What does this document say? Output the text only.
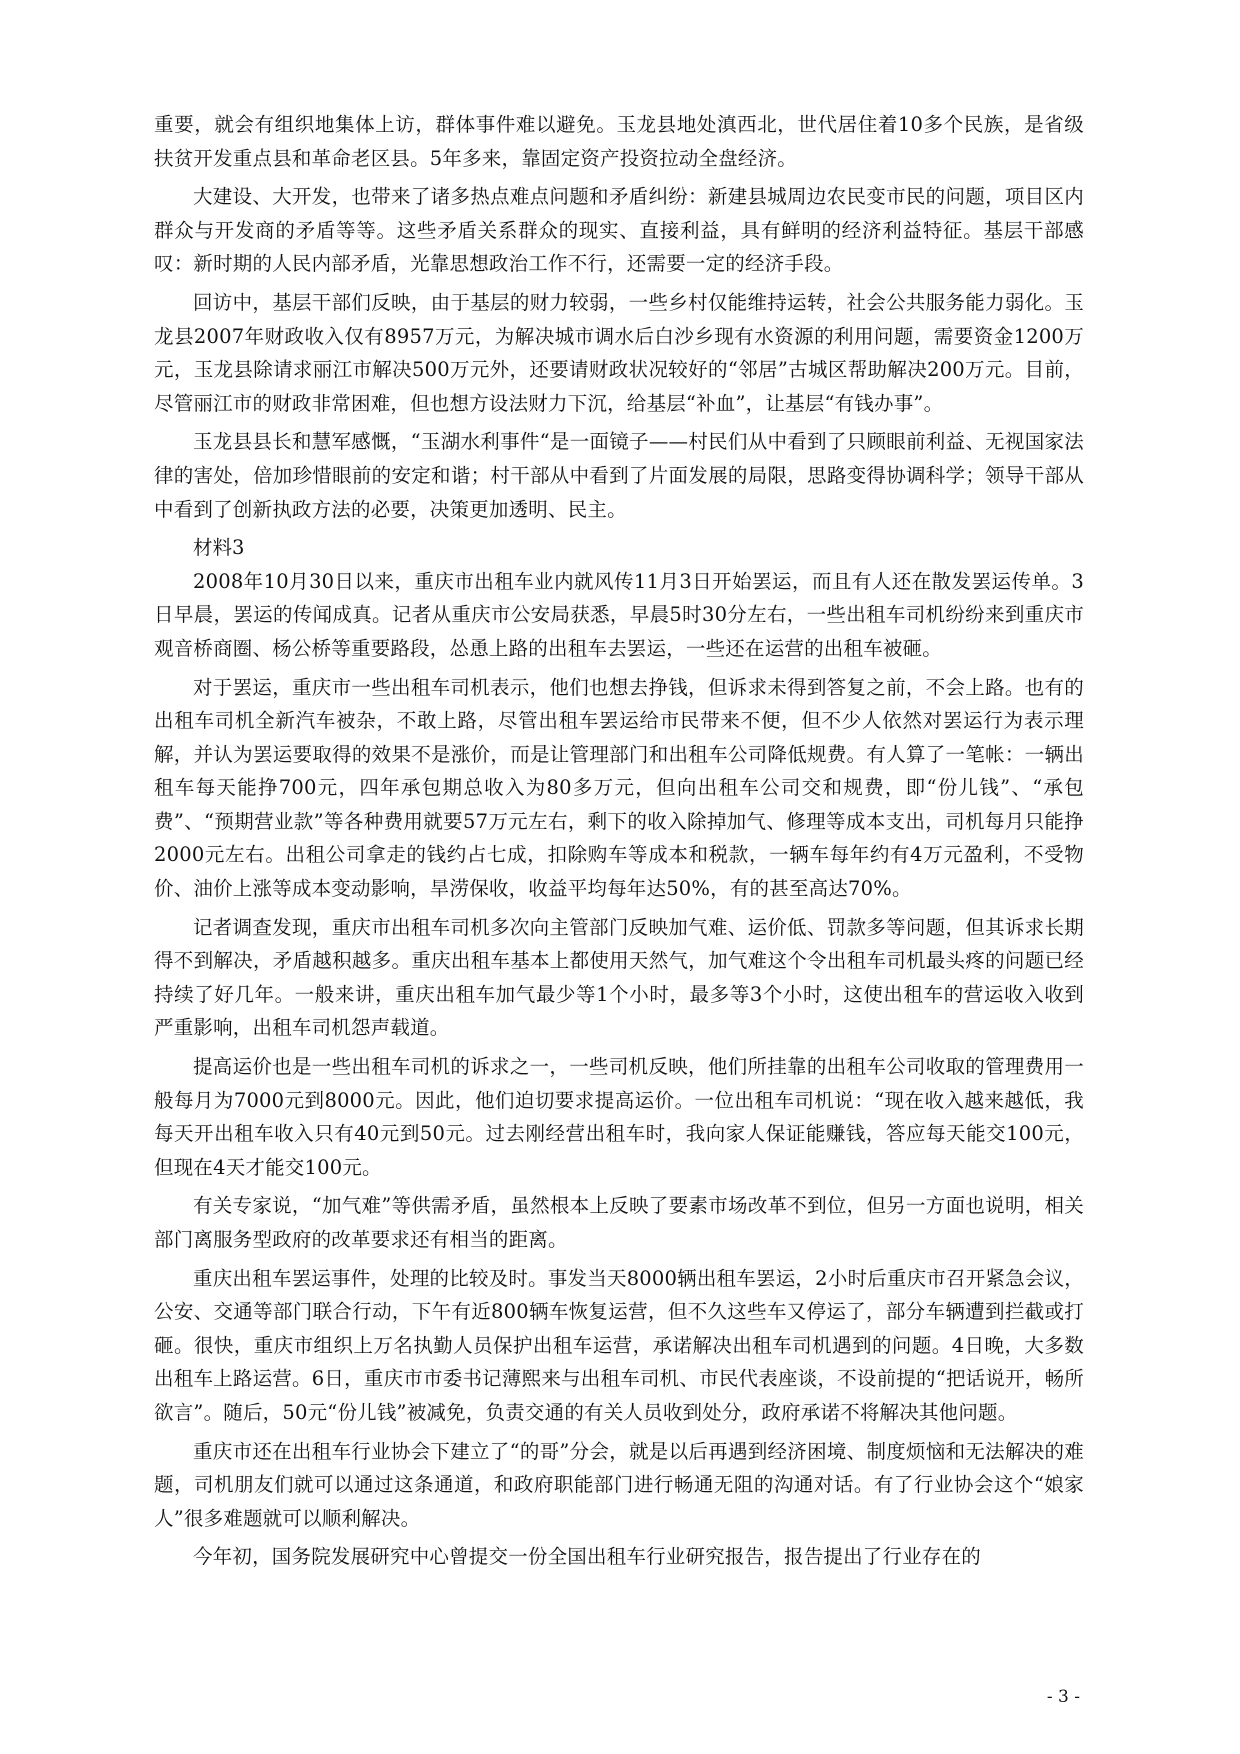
重要，就会有组织地集体上访，群体事件难以避免。玉龙县地处滇西北，世代居住着10多个民族，是省级扶贫开发重点县和革命老区县。5年多来，靠固定资产投资拉动全盘经济。

大建设、大开发，也带来了诸多热点难点问题和矛盾纠纷：新建县城周边农民变市民的问题，项目区内群众与开发商的矛盾等等。这些矛盾关系群众的现实、直接利益，具有鲜明的经济利益特征。基层干部感叹：新时期的人民内部矛盾，光靠思想政治工作不行，还需要一定的经济手段。

回访中，基层干部们反映，由于基层的财力较弱，一些乡村仅能维持运转，社会公共服务能力弱化。玉龙县2007年财政收入仅有8957万元，为解决城市调水后白沙乡现有水资源的利用问题，需要资金1200万元，玉龙县除请求丽江市解决500万元外，还要请财政状况较好的“邻居”古城区帮助解决200万元。目前，尽管丽江市的财政非常困难，但也想方设法财力下沉，给基层“补血”，让基层“有钱办事”。

玉龙县县长和慧军感慨，“玉湖水利事件“是一面镜子——村民们从中看到了只顾眼前利益、无视国家法律的害处，倍加珍惜眼前的安定和谐；村干部从中看到了片面发展的局限，思路变得协调科学；领导干部从中看到了创新执政方法的必要，决策更加透明、民主。

材料3

2008年10月30日以来，重庆市出租车业内就风传11月3日开始罢运，而且有人还在散发罢运传单。3日早晨，罢运的传闻成真。记者从重庆市公安局获悉，早晨5时30分左右，一些出租车司机纷纷来到重庆市观音桥商圈、杨公桥等重要路段，怂恿上路的出租车去罢运，一些还在运营的出租车被砸。

对于罢运，重庆市一些出租车司机表示，他们也想去挣钱，但诉求未得到答复之前，不会上路。也有的出租车司机全新汽车被杂，不敢上路，尽管出租车罢运给市民带来不便，但不少人依然对罢运行为表示理解，并认为罢运要取得的效果不是涨价，而是让管理部门和出租车公司降低规费。有人算了一笔帐：一辆出租车每天能挣700元，四年承包期总收入为80多万元，但向出租车公司交和规费，即“份儿钱”、“承包费”、“预期营业款”等各种费用就要57万元左右，剩下的收入除掉加气、修理等成本支出，司机每月只能挣2000元左右。出租公司拿走的钱约占七成，扣除购车等成本和税款，一辆车每年约有4万元盈利，不受物价、油价上涨等成本变动影响，旱涝保收，收益平均每年达50%，有的甚至高达70%。

记者调查发现，重庆市出租车司机多次向主管部门反映加气难、运价低、罚款多等问题，但其诉求长期得不到解决，矛盾越积越多。重庆出租车基本上都使用天然气，加气难这个令出租车司机最头疼的问题已经持续了好几年。一般来讲，重庆出租车加气最少等1个小时，最多等3个小时，这使出租车的营运收入收到严重影响，出租车司机怨声载道。

提高运价也是一些出租车司机的诉求之一，一些司机反映，他们所挂靠的出租车公司收取的管理费用一般每月为7000元到8000元。因此，他们迫切要求提高运价。一位出租车司机说：“现在收入越来越低，我每天开出租车收入只有40元到50元。过去刚经营出租车时，我向家人保证能赚钱，答应每天能交100元，但现在4天才能交100元。

有关专家说，“加气难”等供需矛盾，虽然根本上反映了要素市场改革不到位，但另一方面也说明，相关部门离服务型政府的改革要求还有相当的距离。

重庆出租车罢运事件，处理的比较及时。事发当天8000辆出租车罢运，2小时后重庆市召开紧急会议，公安、交通等部门联合行动，下午有近800辆车恢复运营，但不久这些车又停运了，部分车辆遭到拦截或打砸。很快，重庆市组织上万名执勤人员保护出租车运营，承诺解决出租车司机遇到的问题。4日晚，大多数出租车上路运营。6日，重庆市市委书记薄熙来与出租车司机、市民代表座谈，不设前提的“把话说开，畅所欲言”。随后，50元“份儿钱”被减免，负责交通的有关人员收到处分，政府承诺不将解决其他问题。

重庆市还在出租车行业协会下建立了“的哥”分会，就是以后再遇到经济困境、制度烦恼和无法解决的难题，司机朋友们就可以通过这条通道，和政府职能部门进行畅通无阻的沟通对话。有了行业协会这个“娘家人”很多难题就可以顺利解决。

今年初，国务院发展研究中心曾提交一份全国出租车行业研究报告，报告提出了行业存在的

- 3 -
